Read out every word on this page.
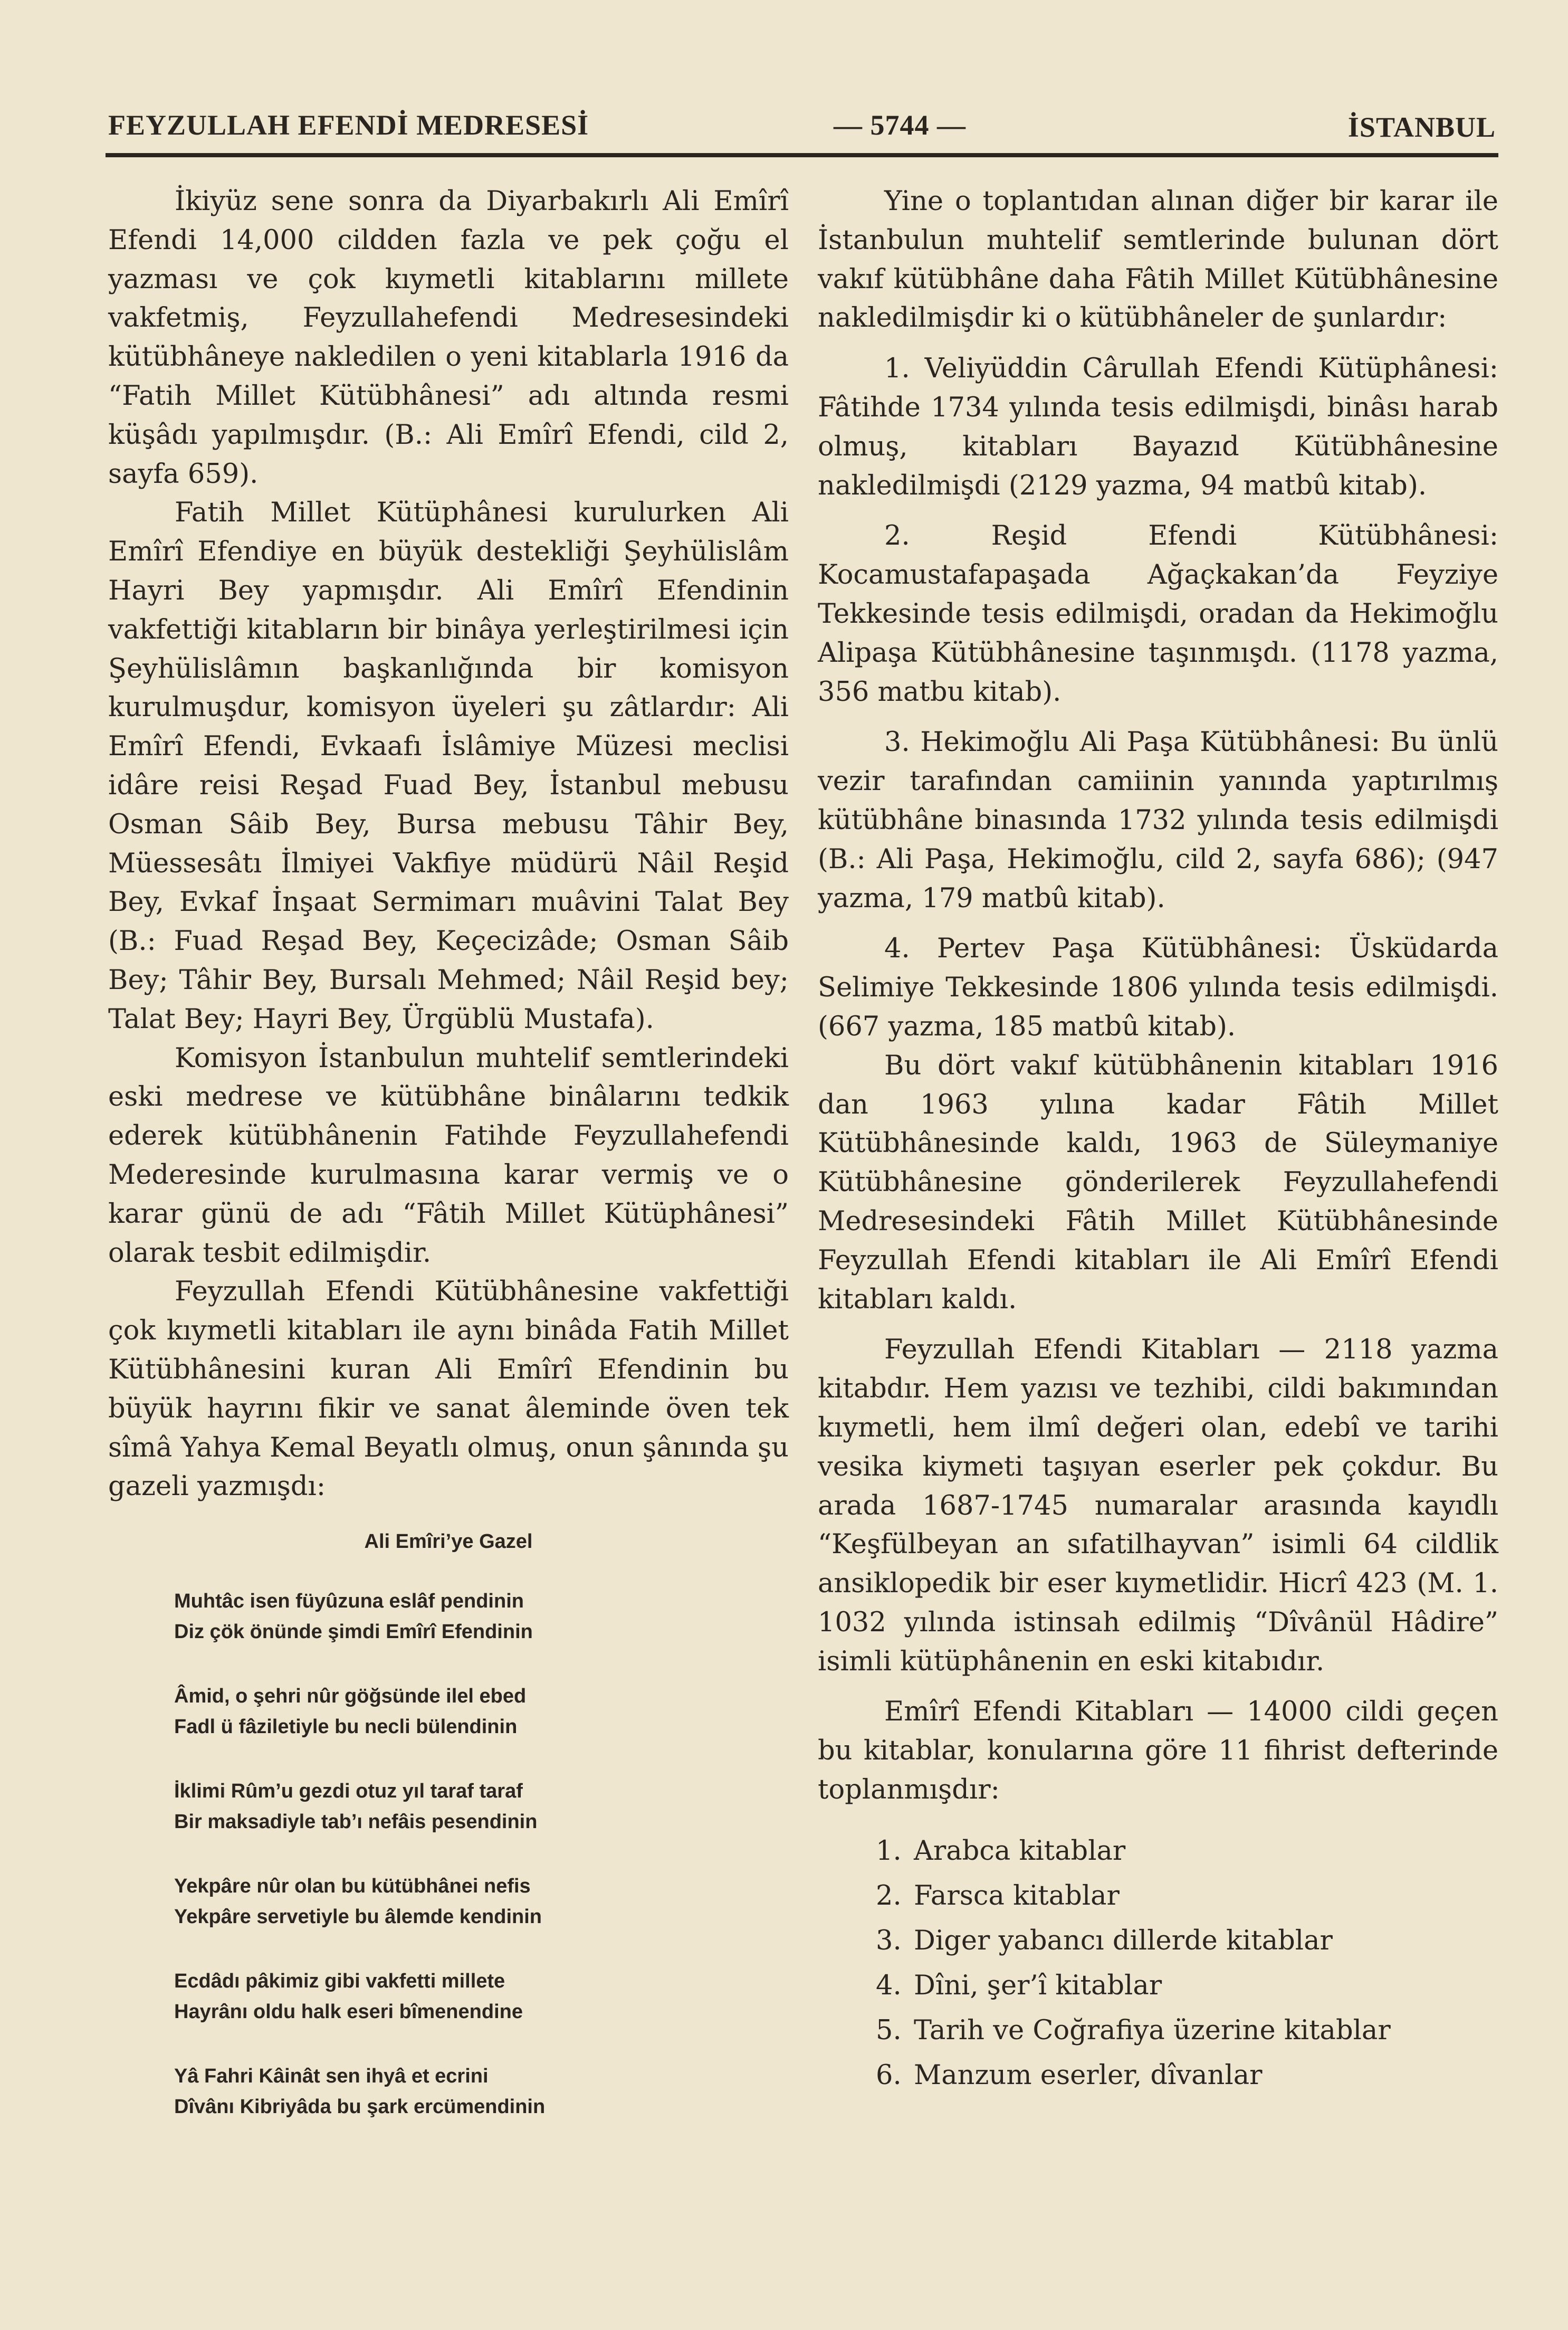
FEYZULLAH EFENDİ MEDRESESİ	— 5744 —	İSTANBUL

İkiyüz sene sonra da Diyarbakırlı Ali Emîrî Efendi 14,000 cildden fazla ve pek çoğu el yazması ve çok kıymetli kitablarını millete vakfetmiş, Feyzullahefendi Medresesindeki kütübhâneye nakledilen o yeni kitablarla 1916 da “Fatih Millet Kütübhânesi” adı altında resmi küşâdı yapılmışdır. (B.: Ali Emîrî Efendi, cild 2, sayfa 659).

Fatih Millet Kütüphânesi kurulurken Ali Emîrî Efendiye en büyük destekliği Şeyhülislâm Hayri Bey yapmışdır. Ali Emîrî Efendinin vakfettiği kitabların bir binâya yerleştirilmesi için Şeyhülislâmın başkanlığında bir komisyon kurulmuşdur, komisyon üyeleri şu zâtlardır: Ali Emîrî Efendi, Evkaafı İslâmiye Müzesi meclisi idâre reisi Reşad Fuad Bey, İstanbul mebusu Osman Sâib Bey, Bursa mebusu Tâhir Bey, Müessesâtı İlmiyei Vakfiye müdürü Nâil Reşid Bey, Evkaf İnşaat Sermimarı muâvini Talat Bey (B.: Fuad Reşad Bey, Keçecizâde; Osman Sâib Bey; Tâhir Bey, Bursalı Mehmed; Nâil Reşid bey; Talat Bey; Hayri Bey, Ürgüblü Mustafa).

Komisyon İstanbulun muhtelif semtlerindeki eski medrese ve kütübhâne binâlarını tedkik ederek kütübhânenin Fatihde Feyzullahefendi Mederesinde kurulmasına karar vermiş ve o karar günü de adı “Fâtih Millet Kütüphânesi” olarak tesbit edilmişdir.

Feyzullah Efendi Kütübhânesine vakfettiği çok kıymetli kitabları ile aynı binâda Fatih Millet Kütübhânesini kuran Ali Emîrî Efendinin bu büyük hayrını fikir ve sanat âleminde öven tek sîmâ Yahya Kemal Beyatlı olmuş, onun şânında şu gazeli yazmışdı:

Ali Emîri’ye Gazel
Muhtâc isen füyûzuna eslâf pendinin
Diz çök önünde şimdi Emîrî Efendinin
Âmid, o şehri nûr göğsünde ilel ebed
Fadl ü fâziletiyle bu necli bülendinin
İklimi Rûm’u gezdi otuz yıl taraf taraf
Bir maksadiyle tab’ı nefâis pesendinin
Yekpâre nûr olan bu kütübhânei nefis
Yekpâre servetiyle bu âlemde kendinin
Ecdâdı pâkimiz gibi vakfetti millete
Hayrânı oldu halk eseri bîmenendine
Yâ Fahri Kâinât sen ihyâ et ecrini
Dîvânı Kibriyâda bu şark ercümendinin

Yine o toplantıdan alınan diğer bir karar ile İstanbulun muhtelif semtlerinde bulunan dört vakıf kütübhâne daha Fâtih Millet Kütübhânesine nakledilmişdir ki o kütübhâneler de şunlardır:

1. Veliyüddin Cârullah Efendi Kütüphânesi: Fâtihde 1734 yılında tesis edilmişdi, binâsı harab olmuş, kitabları Bayazıd Kütübhânesine nakledilmişdi (2129 yazma, 94 matbû kitab).

2. Reşid Efendi Kütübhânesi: Kocamustafapaşada Ağaçkakan’da Feyziye Tekkesinde tesis edilmişdi, oradan da Hekimoğlu Alipaşa Kütübhânesine taşınmışdı. (1178 yazma, 356 matbu kitab).

3. Hekimoğlu Ali Paşa Kütübhânesi: Bu ünlü vezir tarafından camiinin yanında yaptırılmış kütübhâne binasında 1732 yılında tesis edilmişdi (B.: Ali Paşa, Hekimoğlu, cild 2, sayfa 686); (947 yazma, 179 matbû kitab).

4. Pertev Paşa Kütübhânesi: Üsküdarda Selimiye Tekkesinde 1806 yılında tesis edilmişdi. (667 yazma, 185 matbû kitab).

Bu dört vakıf kütübhânenin kitabları 1916 dan 1963 yılına kadar Fâtih Millet Kütübhânesinde kaldı, 1963 de Süleymaniye Kütübhânesine gönderilerek Feyzullahefendi Medresesindeki Fâtih Millet Kütübhânesinde Feyzullah Efendi kitabları ile Ali Emîrî Efendi kitabları kaldı.

Feyzullah Efendi Kitabları — 2118 yazma kitabdır. Hem yazısı ve tezhibi, cildi bakımından kıymetli, hem ilmî değeri olan, edebî ve tarihi vesika kiymeti taşıyan eserler pek çokdur. Bu arada 1687-1745 numaralar arasında kayıdlı “Keşfülbeyan an sıfatilhayvan” isimli 64 cildlik ansiklopedik bir eser kıymetlidir. Hicrî 423 (M. 1. 1032 yılında istinsah edilmiş “Dîvânül Hâdire” isimli kütüphânenin en eski kitabıdır.

Emîrî Efendi Kitabları — 14000 cildi geçen bu kitablar, konularına göre 11 fihrist defterinde toplanmışdır:

1. Arabca kitablar
2. Farsca kitablar
3. Diger yabancı dillerde kitablar
4. Dîni, şer’î kitablar
5. Tarih ve Coğrafiya üzerine kitablar
6. Manzum eserler, dîvanlar
